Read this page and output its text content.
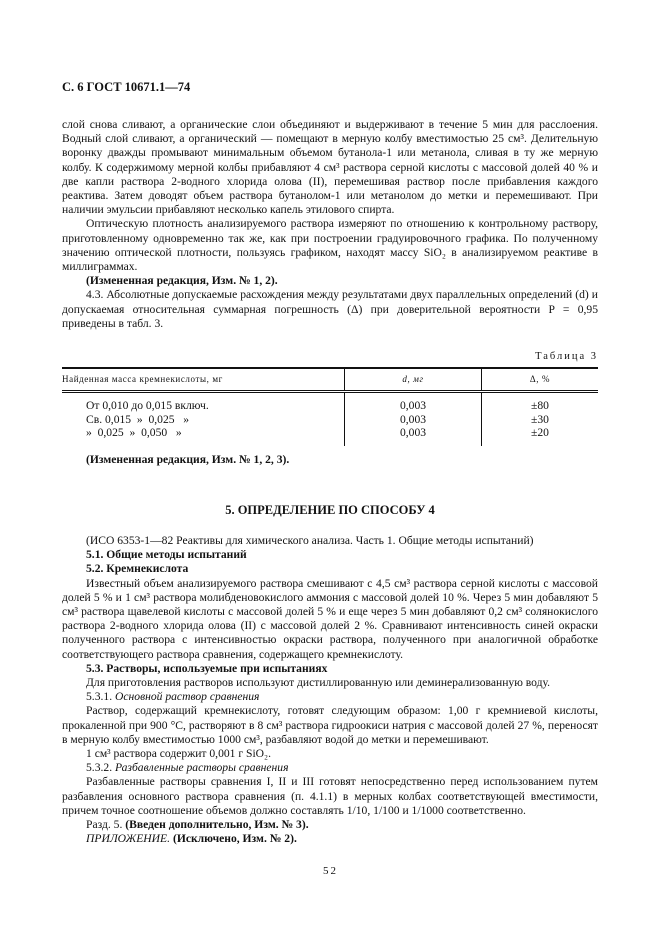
С. 6 ГОСТ 10671.1—74

слой снова сливают, а органические слои объединяют и выдерживают в течение 5 мин для расслоения. Водный слой сливают, а органический — помещают в мерную колбу вместимостью 25 см³. Делительную воронку дважды промывают минимальным объемом бутанола-1 или метанола, сливая в ту же мерную колбу. К содержимому мерной колбы прибавляют 4 см³ раствора серной кислоты с массовой долей 40 % и две капли раствора 2-водного хлорида олова (II), перемешивая раствор после прибавления каждого реактива. Затем доводят объем раствора бутанолом-1 или метанолом до метки и перемешивают. При наличии эмульсии прибавляют несколько капель этилового спирта.

Оптическую плотность анализируемого раствора измеряют по отношению к контрольному раствору, приготовленному одновременно так же, как при построении градуировочного графика. По полученному значению оптической плотности, пользуясь графиком, находят массу SiO₂ в анализируемом реактиве в миллиграммах.

(Измененная редакция, Изм. № 1, 2).

4.3. Абсолютные допускаемые расхождения между результатами двух параллельных определений (d) и допускаемая относительная суммарная погрешность (Δ) при доверительной вероятности P = 0,95 приведены в табл. 3.

Таблица 3
Найденная масса кремнекислоты, мг	d, мг	Δ, %

От 0,010 до 0,015 включ.	0,003	±80
Св. 0,015  »  0,025   »	0,003	±30
»  0,025  »  0,050   »	0,003	±20

(Измененная редакция, Изм. № 1, 2, 3).
5. ОПРЕДЕЛЕНИЕ ПО СПОСОБУ 4

(ИСО 6353-1—82 Реактивы для химического анализа. Часть 1. Общие методы испытаний)

5.1. Общие методы испытаний

5.2. Кремнекислота

Известный объем анализируемого раствора смешивают с 4,5 см³ раствора серной кислоты с массовой долей 5 % и 1 см³ раствора молибденовокислого аммония с массовой долей 10 %. Через 5 мин добавляют 5 см³ раствора щавелевой кислоты с массовой долей 5 % и еще через 5 мин добавляют 0,2 см³ солянокислого раствора 2-водного хлорида олова (II) с массовой долей 2 %. Сравнивают интенсивность синей окраски полученного раствора с интенсивностью окраски раствора, полученного при аналогичной обработке соответствующего раствора сравнения, содержащего кремнекислоту.

5.3. Растворы, используемые при испытаниях

Для приготовления растворов используют дистиллированную или деминерализованную воду.

5.3.1. Основной раствор сравнения

Раствор, содержащий кремнекислоту, готовят следующим образом: 1,00 г кремниевой кислоты, прокаленной при 900 °С, растворяют в 8 см³ раствора гидроокиси натрия с массовой долей 27 %, переносят в мерную колбу вместимостью 1000 см³, разбавляют водой до метки и перемешивают.

1 см³ раствора содержит 0,001 г SiO₂.

5.3.2. Разбавленные растворы сравнения

Разбавленные растворы сравнения I, II и III готовят непосредственно перед использованием путем разбавления основного раствора сравнения (п. 4.1.1) в мерных колбах соответствующей вместимости, причем точное соотношение объемов должно составлять 1/10, 1/100 и 1/1000 соответственно.

Разд. 5. (Введен дополнительно, Изм. № 3).

ПРИЛОЖЕНИЕ. (Исключено, Изм. № 2).

52
